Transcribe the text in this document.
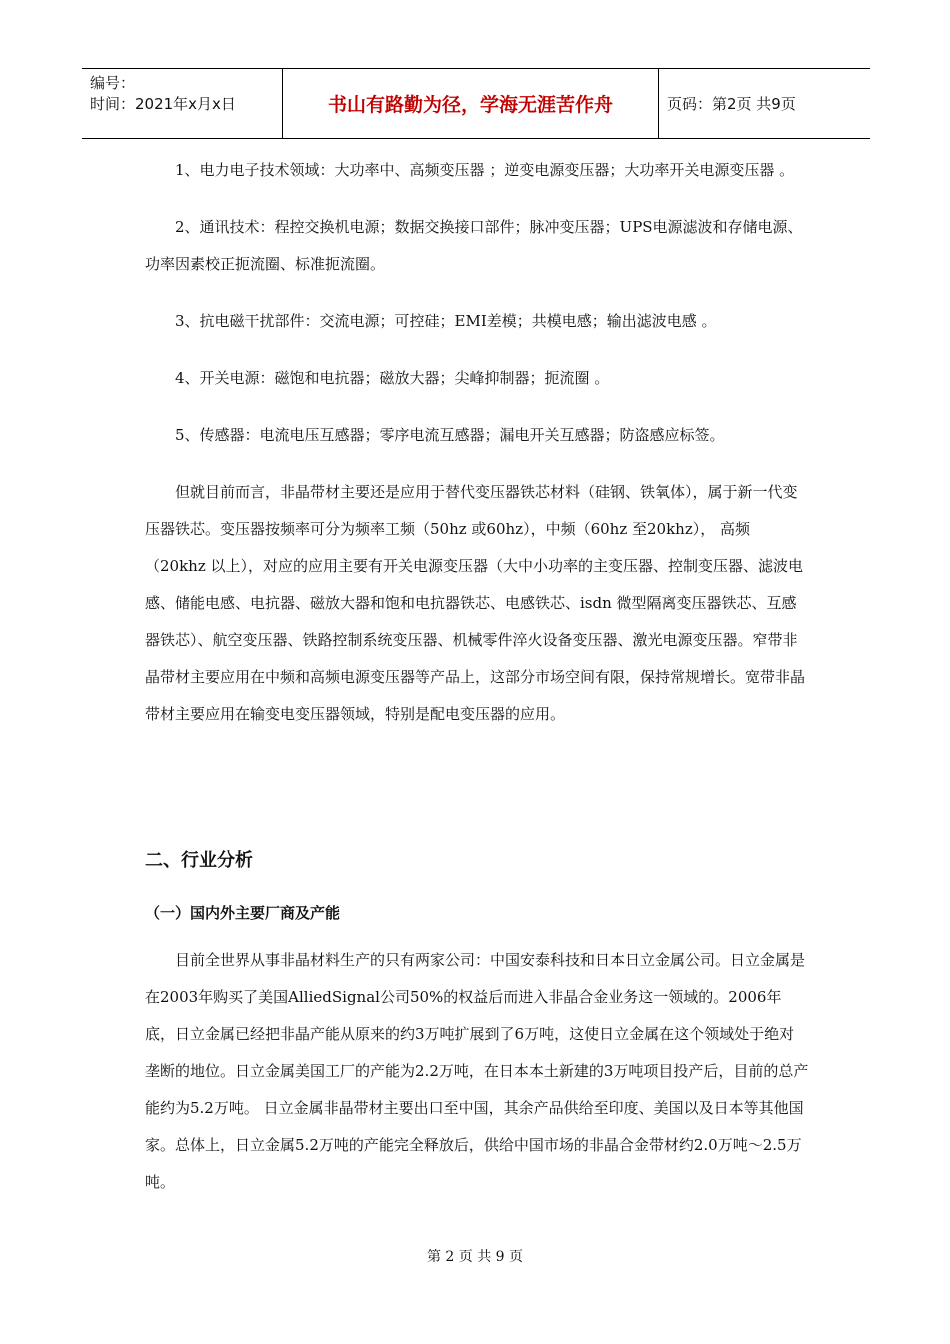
编号：
时间：2021年x月x日	书山有路勤为径，学海无涯苦作舟	页码：第2页 共9页

1、电力电子技术领域：大功率中、高频变压器 ；逆变电源变压器；大功率开关电源变压器 。

2、通讯技术：程控交换机电源；数据交换接口部件；脉冲变压器；UPS电源滤波和存储电源、功率因素校正扼流圈、标准扼流圈。

3、抗电磁干扰部件：交流电源；可控硅；EMI差模；共模电感；输出滤波电感 。

4、开关电源：磁饱和电抗器；磁放大器；尖峰抑制器；扼流圈 。

5、传感器：电流电压互感器；零序电流互感器；漏电开关互感器；防盗感应标签。

但就目前而言，非晶带材主要还是应用于替代变压器铁芯材料（硅钢、铁氧体），属于新一代变压器铁芯。变压器按频率可分为频率工频（50hz 或60hz），中频（60hz 至20khz）， 高频（20khz 以上），对应的应用主要有开关电源变压器（大中小功率的主变压器、控制变压器、滤波电感、储能电感、电抗器、磁放大器和饱和电抗器铁芯、电感铁芯、isdn 微型隔离变压器铁芯、互感器铁芯）、航空变压器、铁路控制系统变压器、机械零件淬火设备变压器、激光电源变压器。窄带非晶带材主要应用在中频和高频电源变压器等产品上，这部分市场空间有限，保持常规增长。宽带非晶带材主要应用在输变电变压器领域，特别是配电变压器的应用。

二、行业分析
（一）国内外主要厂商及产能

目前全世界从事非晶材料生产的只有两家公司：中国安泰科技和日本日立金属公司。日立金属是在2003年购买了美国AlliedSignal公司50%的权益后而进入非晶合金业务这一领域的。2006年底，日立金属已经把非晶产能从原来的约3万吨扩展到了6万吨，这使日立金属在这个领域处于绝对垄断的地位。日立金属美国工厂的产能为2.2万吨，在日本本土新建的3万吨项目投产后，目前的总产能约为5.2万吨。 日立金属非晶带材主要出口至中国，其余产品供给至印度、美国以及日本等其他国家。总体上，日立金属5.2万吨的产能完全释放后，供给中国市场的非晶合金带材约2.0万吨～2.5万吨。

第 2 页 共 9 页
